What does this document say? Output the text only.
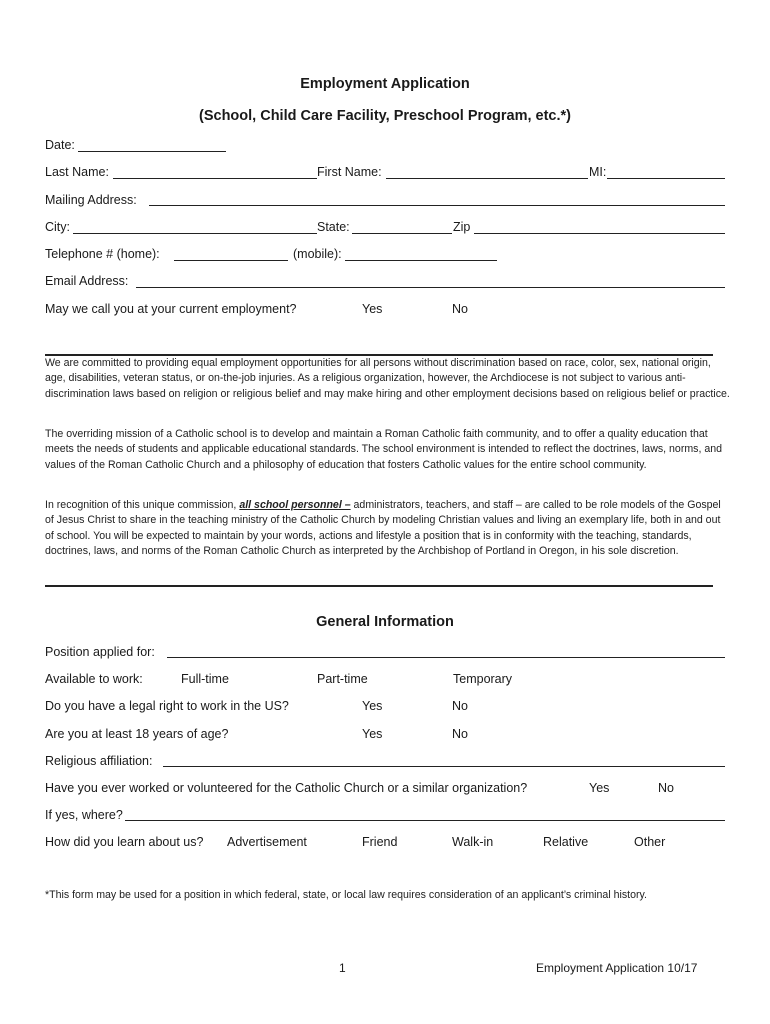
Employment Application
(School, Child Care Facility, Preschool Program, etc.*)
Date:
Last Name:	First Name:	MI:
Mailing Address:
City:	State:	Zip
Telephone # (home):	(mobile):
Email Address:
May we call you at your current employment?	Yes	No
We are committed to providing equal employment opportunities for all persons without discrimination based on race, color, sex, national origin, age, disabilities, veteran status, or on-the-job injuries. As a religious organization, however, the Archdiocese is not subject to various anti-discrimination laws based on religion or religious belief and may make hiring and other employment decisions based on religious belief or practice.
The overriding mission of a Catholic school is to develop and maintain a Roman Catholic faith community, and to offer a quality education that meets the needs of students and applicable educational standards. The school environment is intended to reflect the doctrines, laws, norms, and values of the Roman Catholic Church and a philosophy of education that fosters Catholic values for the entire school community.
In recognition of this unique commission, all school personnel – administrators, teachers, and staff – are called to be role models of the Gospel of Jesus Christ to share in the teaching ministry of the Catholic Church by modeling Christian values and living an exemplary life, both in and out of school. You will be expected to maintain by your words, actions and lifestyle a position that is in conformity with the teaching, standards, doctrines, laws, and norms of the Roman Catholic Church as interpreted by the Archbishop of Portland in Oregon, in his sole discretion.
General Information
Position applied for:
Available to work:	Full-time	Part-time	Temporary
Do you have a legal right to work in the US?	Yes	No
Are you at least 18 years of age?	Yes	No
Religious affiliation:
Have you ever worked or volunteered for the Catholic Church or a similar organization?	Yes	No
If yes, where?
How did you learn about us? Advertisement	Friend	Walk-in	Relative	Other
*This form may be used for a position in which federal, state, or local law requires consideration of an applicant’s criminal history.
1	Employment Application 10/17
